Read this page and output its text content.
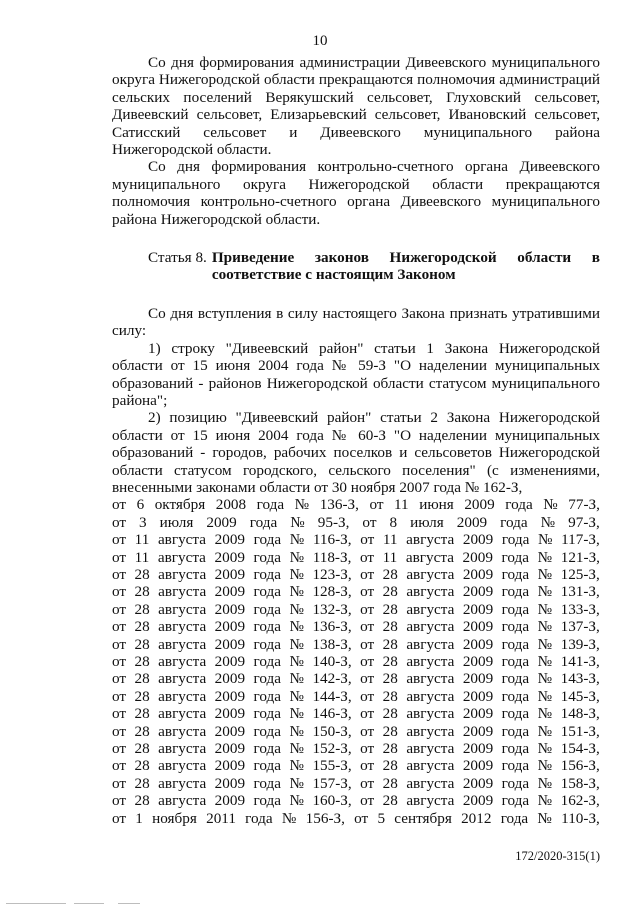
10

Со дня формирования администрации Дивеевского муниципального округа Нижегородской области прекращаются полномочия администраций сельских поселений Верякушский сельсовет, Глуховский сельсовет, Дивеевский сельсовет, Елизарьевский сельсовет, Ивановский сельсовет, Сатисский сельсовет и Дивеевского муниципального района Нижегородской области.

Со дня формирования контрольно-счетного органа Дивеевского муниципального округа Нижегородской области прекращаются полномочия контрольно-счетного органа Дивеевского муниципального района Нижегородской области.

Статья 8. Приведение законов Нижегородской области в соответствие с настоящим Законом

Со дня вступления в силу настоящего Закона признать утратившими силу:

1) строку "Дивеевский район" статьи 1 Закона Нижегородской области от 15 июня 2004 года № 59-З "О наделении муниципальных образований - районов Нижегородской области статусом муниципального района";

2) позицию "Дивеевский район" статьи 2 Закона Нижегородской области от 15 июня 2004 года № 60-З "О наделении муниципальных образований - городов, рабочих поселков и сельсоветов Нижегородской области статусом городского, сельского поселения" (с изменениями, внесенными законами области от 30 ноября 2007 года № 162-З,

от 6 октября 2008 года № 136-З, от 11 июня 2009 года № 77-З,
от 3 июля 2009 года № 95-З, от 8 июля 2009 года № 97-З,
от 11 августа 2009 года № 116-З, от 11 августа 2009 года № 117-З,
от 11 августа 2009 года № 118-З, от 11 августа 2009 года № 121-З,
от 28 августа 2009 года № 123-З, от 28 августа 2009 года № 125-З,
от 28 августа 2009 года № 128-З, от 28 августа 2009 года № 131-З,
от 28 августа 2009 года № 132-З, от 28 августа 2009 года № 133-З,
от 28 августа 2009 года № 136-З, от 28 августа 2009 года № 137-З,
от 28 августа 2009 года № 138-З, от 28 августа 2009 года № 139-З,
от 28 августа 2009 года № 140-З, от 28 августа 2009 года № 141-З,
от 28 августа 2009 года № 142-З, от 28 августа 2009 года № 143-З,
от 28 августа 2009 года № 144-З, от 28 августа 2009 года № 145-З,
от 28 августа 2009 года № 146-З, от 28 августа 2009 года № 148-З,
от 28 августа 2009 года № 150-З, от 28 августа 2009 года № 151-З,
от 28 августа 2009 года № 152-З, от 28 августа 2009 года № 154-З,
от 28 августа 2009 года № 155-З, от 28 августа 2009 года № 156-З,
от 28 августа 2009 года № 157-З, от 28 августа 2009 года № 158-З,
от 28 августа 2009 года № 160-З, от 28 августа 2009 года № 162-З,
от 1 ноября 2011 года № 156-З, от 5 сентября 2012 года № 110-З,
172/2020-315(1)
